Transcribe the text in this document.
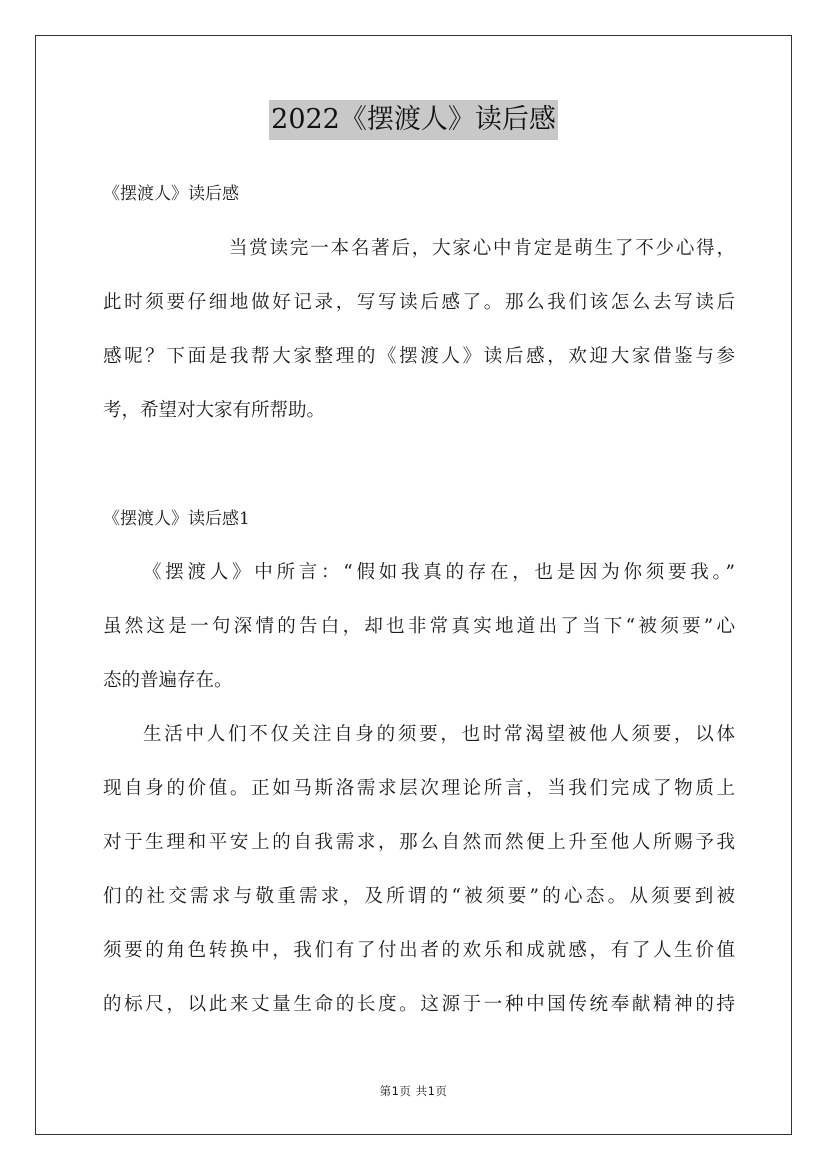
2022《摆渡人》读后感
《摆渡人》读后感
当赏读完一本名著后，大家心中肯定是萌生了不少心得，
此时须要仔细地做好记录，写写读后感了。那么我们该怎么去写读后
感呢？下面是我帮大家整理的《摆渡人》读后感，欢迎大家借鉴与参
考，希望对大家有所帮助。
《摆渡人》读后感1
《摆渡人》中所言：“假如我真的存在，也是因为你须要我。”
虽然这是一句深情的告白，却也非常真实地道出了当下“被须要”心
态的普遍存在。
生活中人们不仅关注自身的须要，也时常渴望被他人须要，以体
现自身的价值。正如马斯洛需求层次理论所言，当我们完成了物质上
对于生理和平安上的自我需求，那么自然而然便上升至他人所赐予我
们的社交需求与敬重需求，及所谓的“被须要”的心态。从须要到被
须要的角色转换中，我们有了付出者的欢乐和成就感，有了人生价值
的标尺，以此来丈量生命的长度。这源于一种中国传统奉献精神的持
第1页 共1页
